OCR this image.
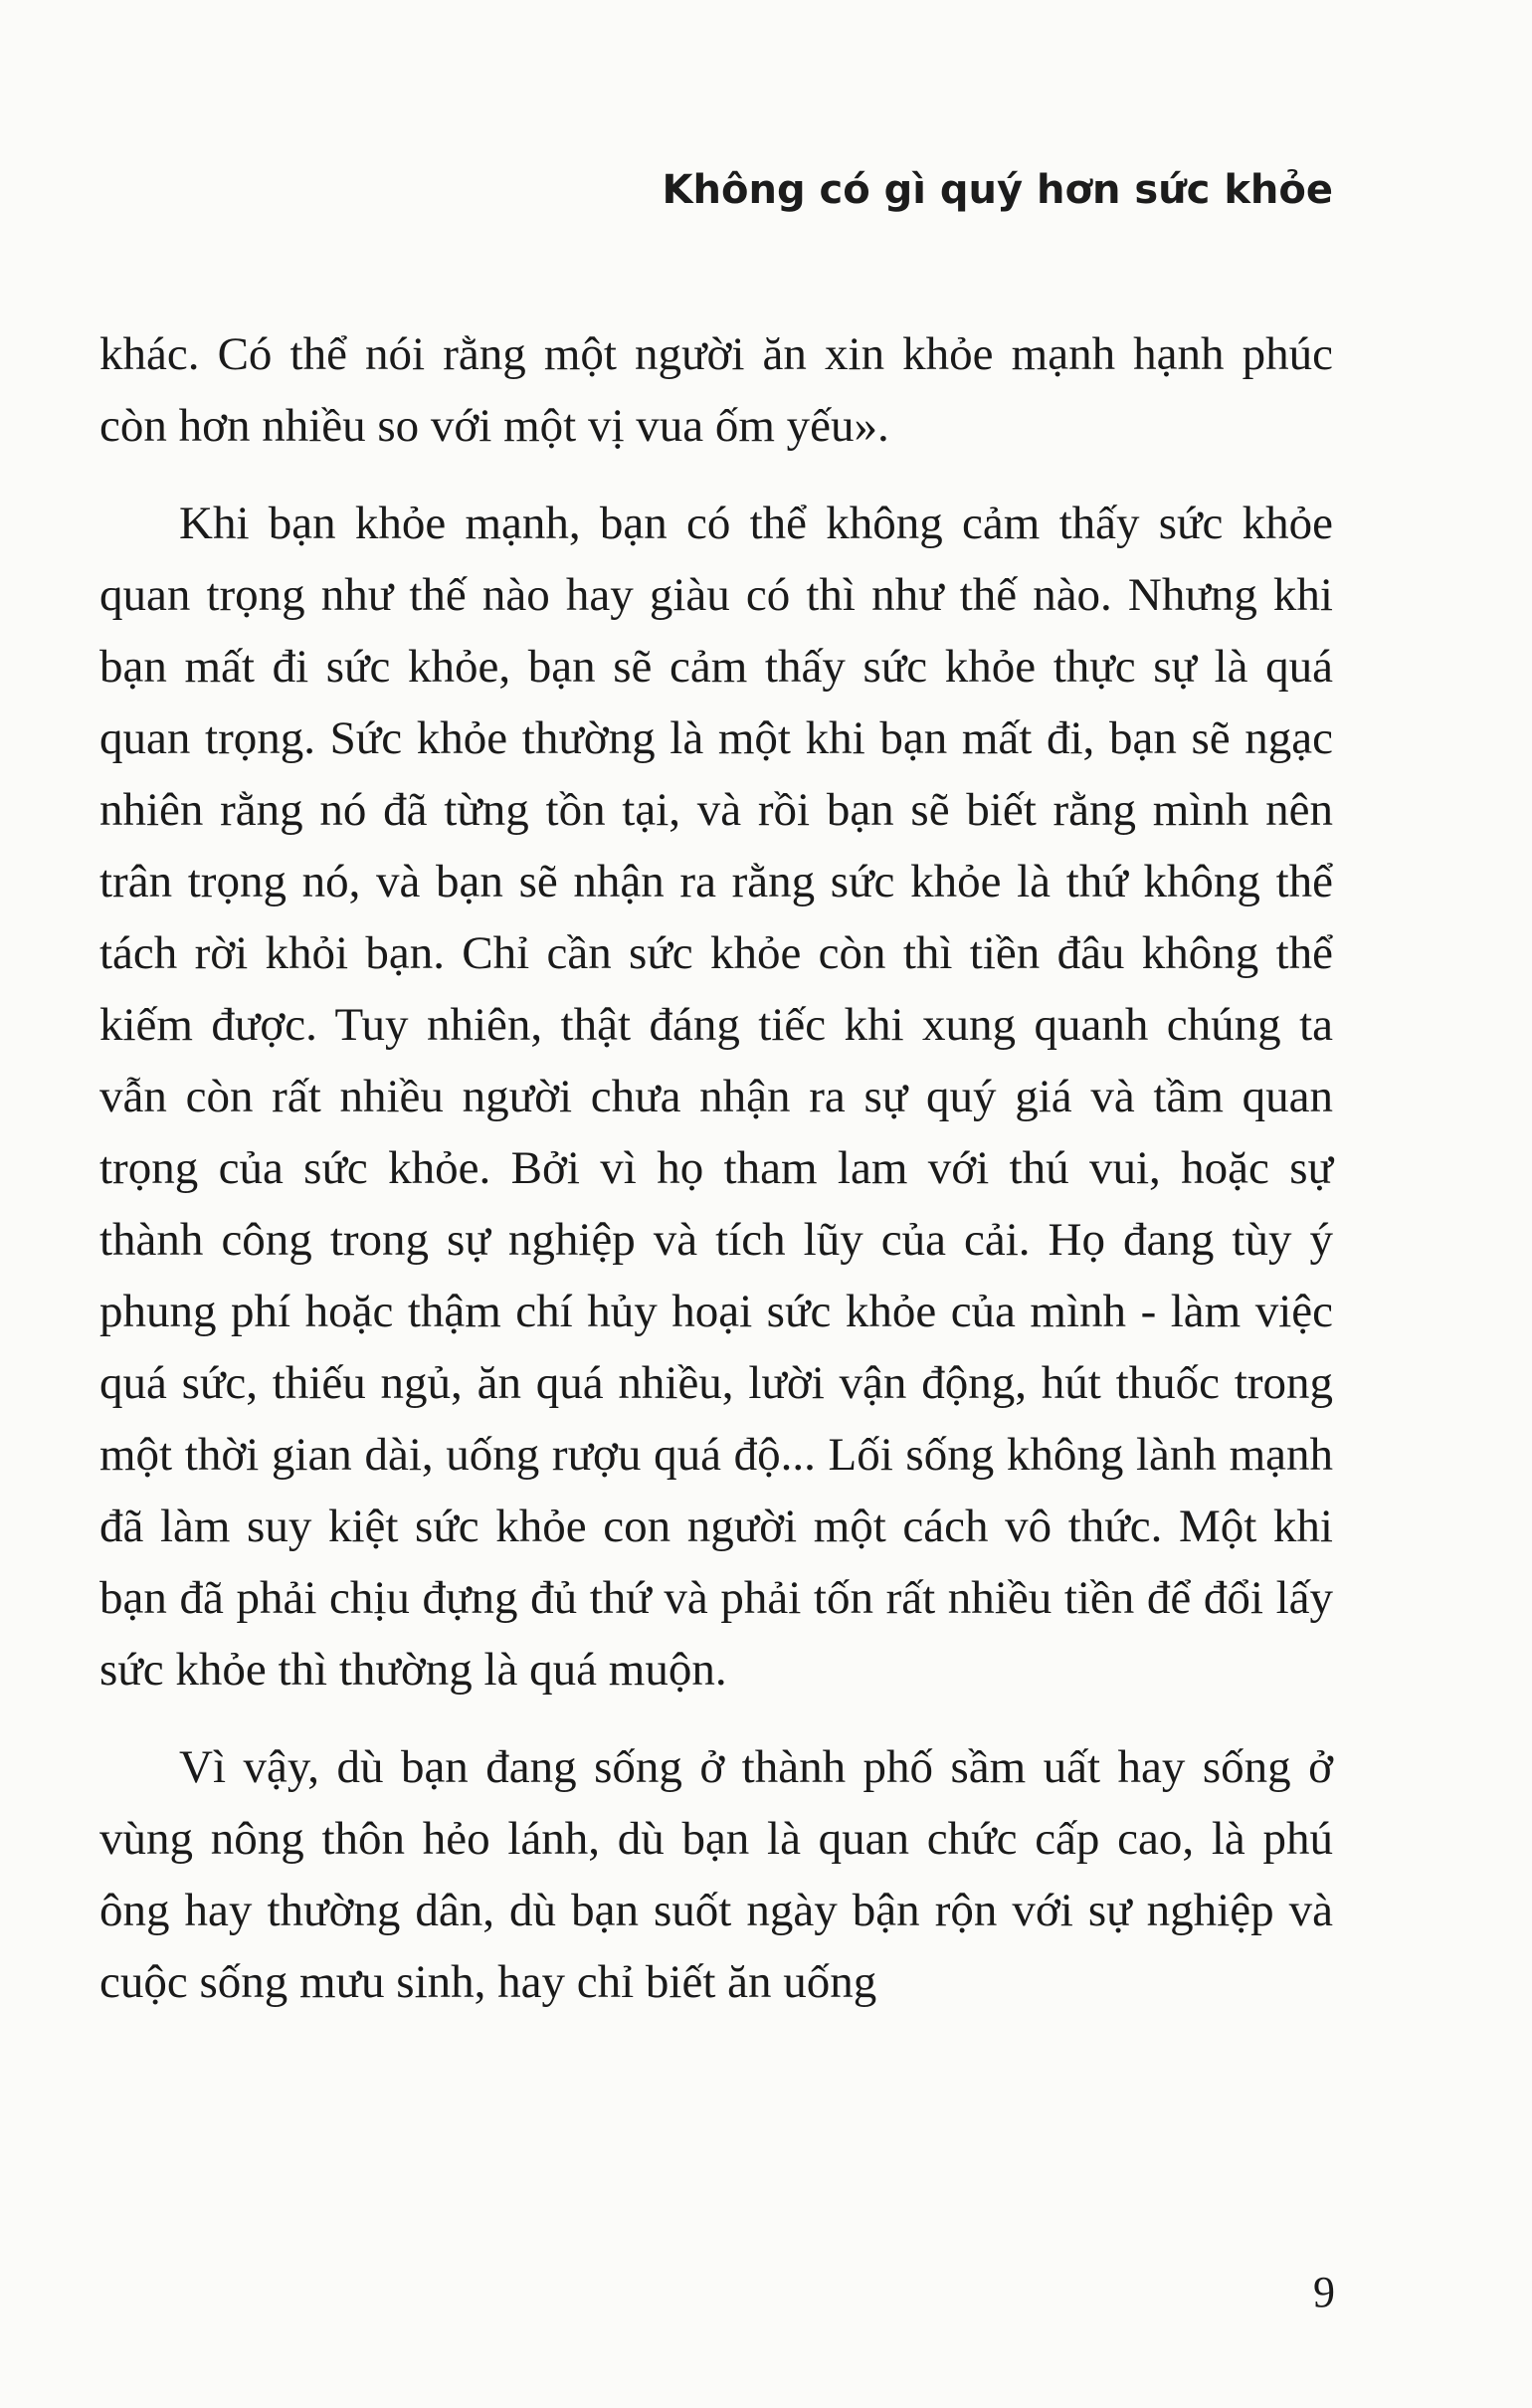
Không có gì quý hơn sức khỏe

khác. Có thể nói rằng một người ăn xin khỏe mạnh hạnh phúc còn hơn nhiều so với một vị vua ốm yếu».

Khi bạn khỏe mạnh, bạn có thể không cảm thấy sức khỏe quan trọng như thế nào hay giàu có thì như thế nào. Nhưng khi bạn mất đi sức khỏe, bạn sẽ cảm thấy sức khỏe thực sự là quá quan trọng. Sức khỏe thường là một khi bạn mất đi, bạn sẽ ngạc nhiên rằng nó đã từng tồn tại, và rồi bạn sẽ biết rằng mình nên trân trọng nó, và bạn sẽ nhận ra rằng sức khỏe là thứ không thể tách rời khỏi bạn. Chỉ cần sức khỏe còn thì tiền đâu không thể kiếm được. Tuy nhiên, thật đáng tiếc khi xung quanh chúng ta vẫn còn rất nhiều người chưa nhận ra sự quý giá và tầm quan trọng của sức khỏe. Bởi vì họ tham lam với thú vui, hoặc sự thành công trong sự nghiệp và tích lũy của cải. Họ đang tùy ý phung phí hoặc thậm chí hủy hoại sức khỏe của mình - làm việc quá sức, thiếu ngủ, ăn quá nhiều, lười vận động, hút thuốc trong một thời gian dài, uống rượu quá độ... Lối sống không lành mạnh đã làm suy kiệt sức khỏe con người một cách vô thức. Một khi bạn đã phải chịu đựng đủ thứ và phải tốn rất nhiều tiền để đổi lấy sức khỏe thì thường là quá muộn.

Vì vậy, dù bạn đang sống ở thành phố sầm uất hay sống ở vùng nông thôn hẻo lánh, dù bạn là quan chức cấp cao, là phú ông hay thường dân, dù bạn suốt ngày bận rộn với sự nghiệp và cuộc sống mưu sinh, hay chỉ biết ăn uống

9
